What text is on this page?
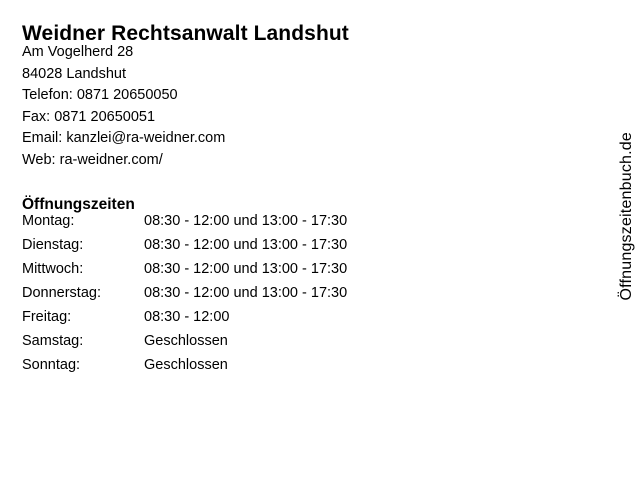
Weidner Rechtsanwalt Landshut
Am Vogelherd 28
84028 Landshut
Telefon: 0871 20650050
Fax: 0871 20650051
Email: kanzlei@ra-weidner.com
Web: ra-weidner.com/
Öffnungszeiten
Montag:	08:30 - 12:00 und 13:00 - 17:30
Dienstag:	08:30 - 12:00 und 13:00 - 17:30
Mittwoch:	08:30 - 12:00 und 13:00 - 17:30
Donnerstag:	08:30 - 12:00 und 13:00 - 17:30
Freitag:	08:30 - 12:00
Samstag:	Geschlossen
Sonntag:	Geschlossen
Öffnungszeitenbuch.de
